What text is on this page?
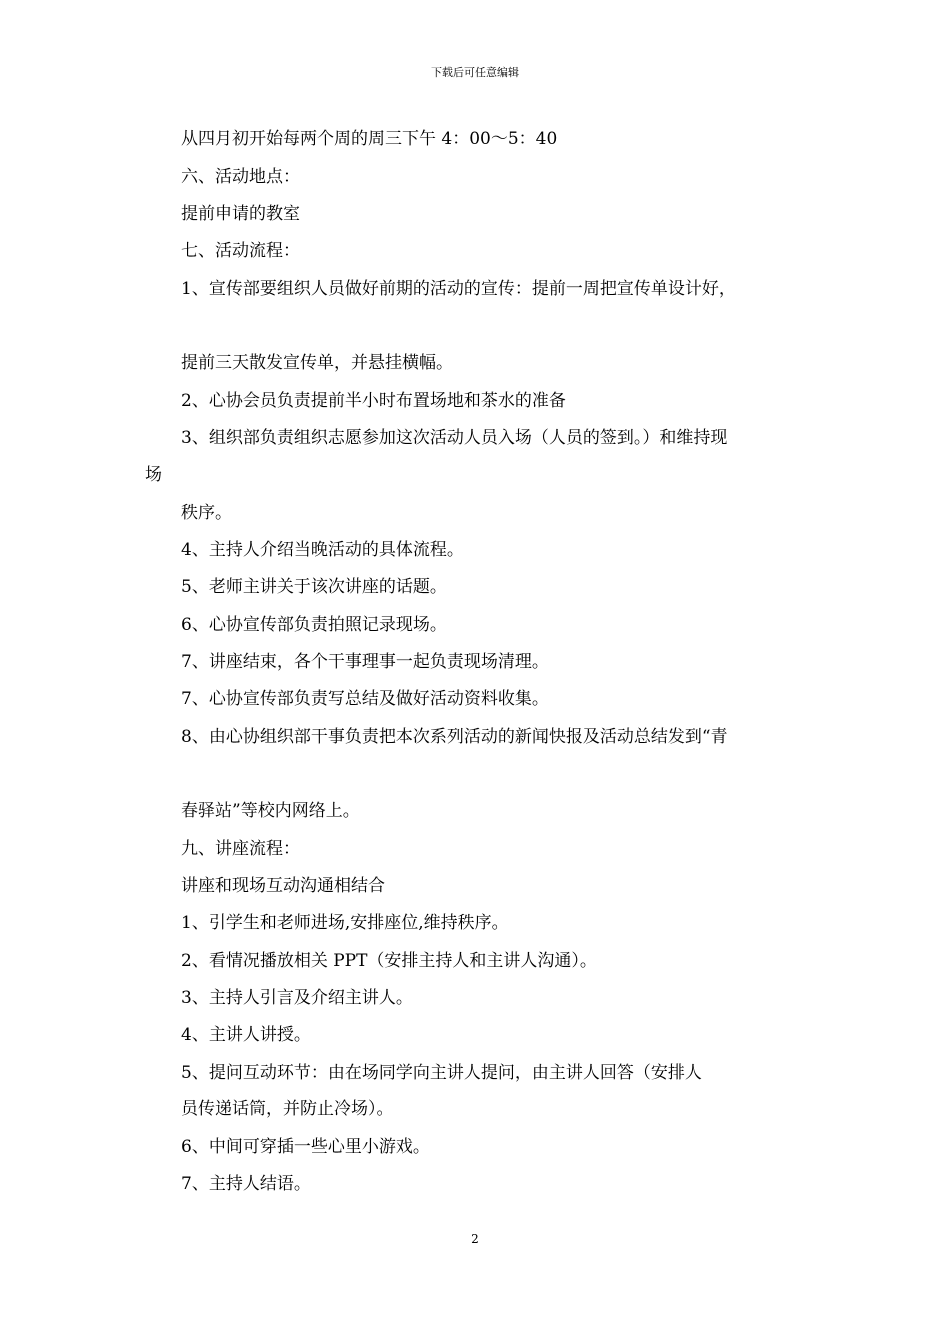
下载后可任意编辑
从四月初开始每两个周的周三下午 4：00～5：40
六、活动地点：
提前申请的教室
七、活动流程：
1、宣传部要组织人员做好前期的活动的宣传：提前一周把宣传单设计好，
提前三天散发宣传单，并悬挂横幅。
2、心协会员负责提前半小时布置场地和茶水的准备
3、组织部负责组织志愿参加这次活动人员入场（人员的签到。）和维持现
场
秩序。
4、主持人介绍当晚活动的具体流程。
5、老师主讲关于该次讲座的话题。
6、心协宣传部负责拍照记录现场。
7、讲座结束，各个干事理事一起负责现场清理。
7、心协宣传部负责写总结及做好活动资料收集。
8、由心协组织部干事负责把本次系列活动的新闻快报及活动总结发到“青
春驿站”等校内网络上。
九、讲座流程：
讲座和现场互动沟通相结合
1、引学生和老师进场,安排座位,维持秩序。
2、看情况播放相关 PPT（安排主持人和主讲人沟通）。
3、主持人引言及介绍主讲人。
4、主讲人讲授。
5、提问互动环节：由在场同学向主讲人提问，由主讲人回答（安排人
员传递话筒，并防止冷场）。
6、中间可穿插一些心里小游戏。
7、主持人结语。
2
